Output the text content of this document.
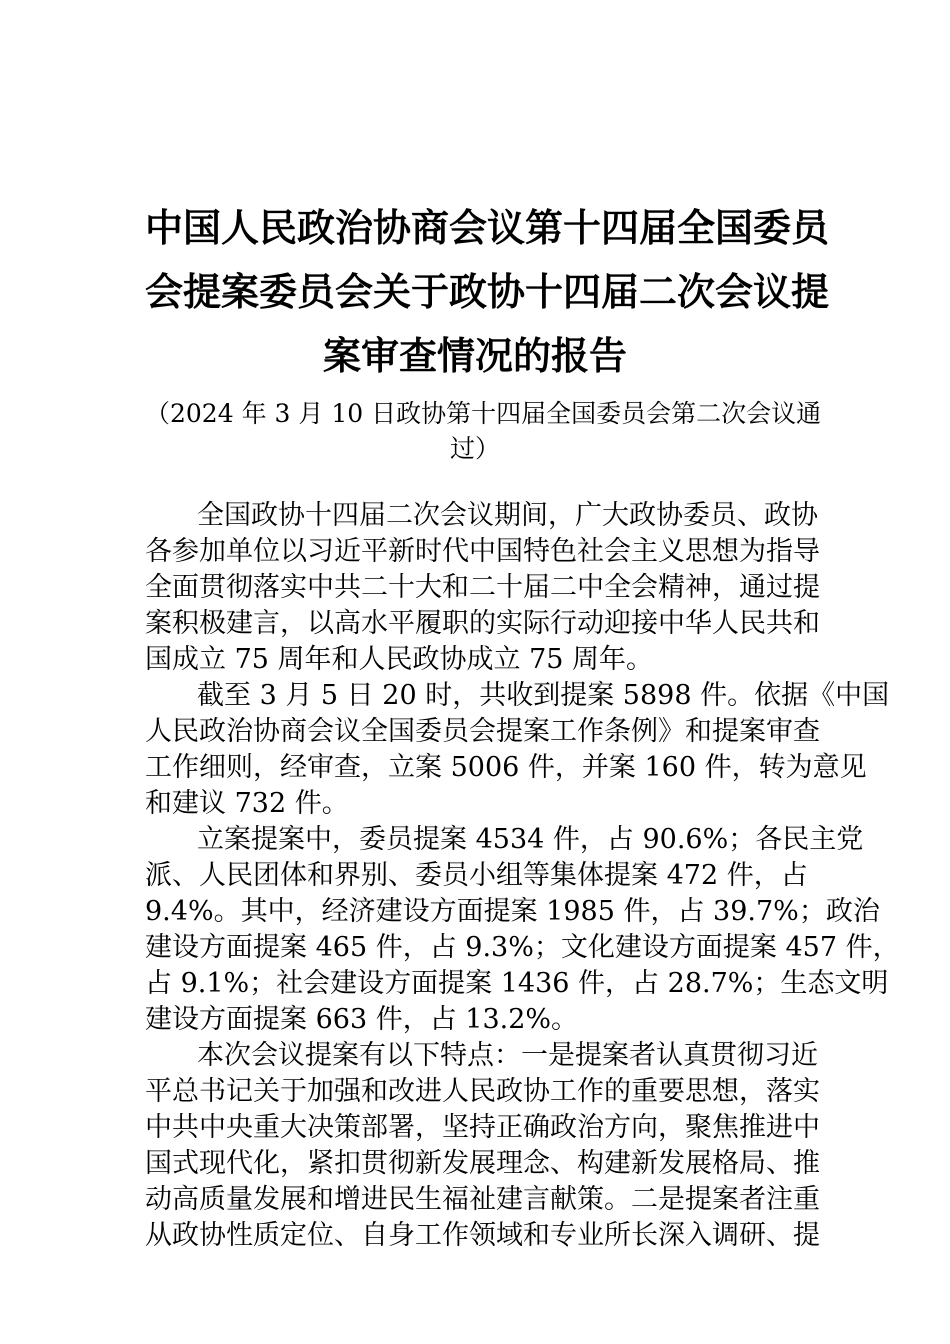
中国人民政治协商会议第十四届全国委员
会提案委员会关于政协十四届二次会议提
案审查情况的报告
（2024 年 3 月 10 日政协第十四届全国委员会第二次会议通
过）

全国政协十四届二次会议期间，广大政协委员、政协
各参加单位以习近平新时代中国特色社会主义思想为指导
全面贯彻落实中共二十大和二十届二中全会精神，通过提
案积极建言，以高水平履职的实际行动迎接中华人民共和
国成立 75 周年和人民政协成立 75 周年。

截至 3 月 5 日 20 时，共收到提案 5898 件。依据《中国
人民政治协商会议全国委员会提案工作条例》和提案审查
工作细则，经审查，立案 5006 件，并案 160 件，转为意见
和建议 732 件。

立案提案中，委员提案 4534 件，占 90.6%；各民主党
派、人民团体和界别、委员小组等集体提案 472 件，占
9.4%。其中，经济建设方面提案 1985 件，占 39.7%；政治
建设方面提案 465 件，占 9.3%；文化建设方面提案 457 件，
占 9.1%；社会建设方面提案 1436 件，占 28.7%；生态文明
建设方面提案 663 件，占 13.2%。

本次会议提案有以下特点：一是提案者认真贯彻习近
平总书记关于加强和改进人民政协工作的重要思想，落实
中共中央重大决策部署，坚持正确政治方向，聚焦推进中
国式现代化，紧扣贯彻新发展理念、构建新发展格局、推
动高质量发展和增进民生福祉建言献策。二是提案者注重
从政协性质定位、自身工作领域和专业所长深入调研、提
